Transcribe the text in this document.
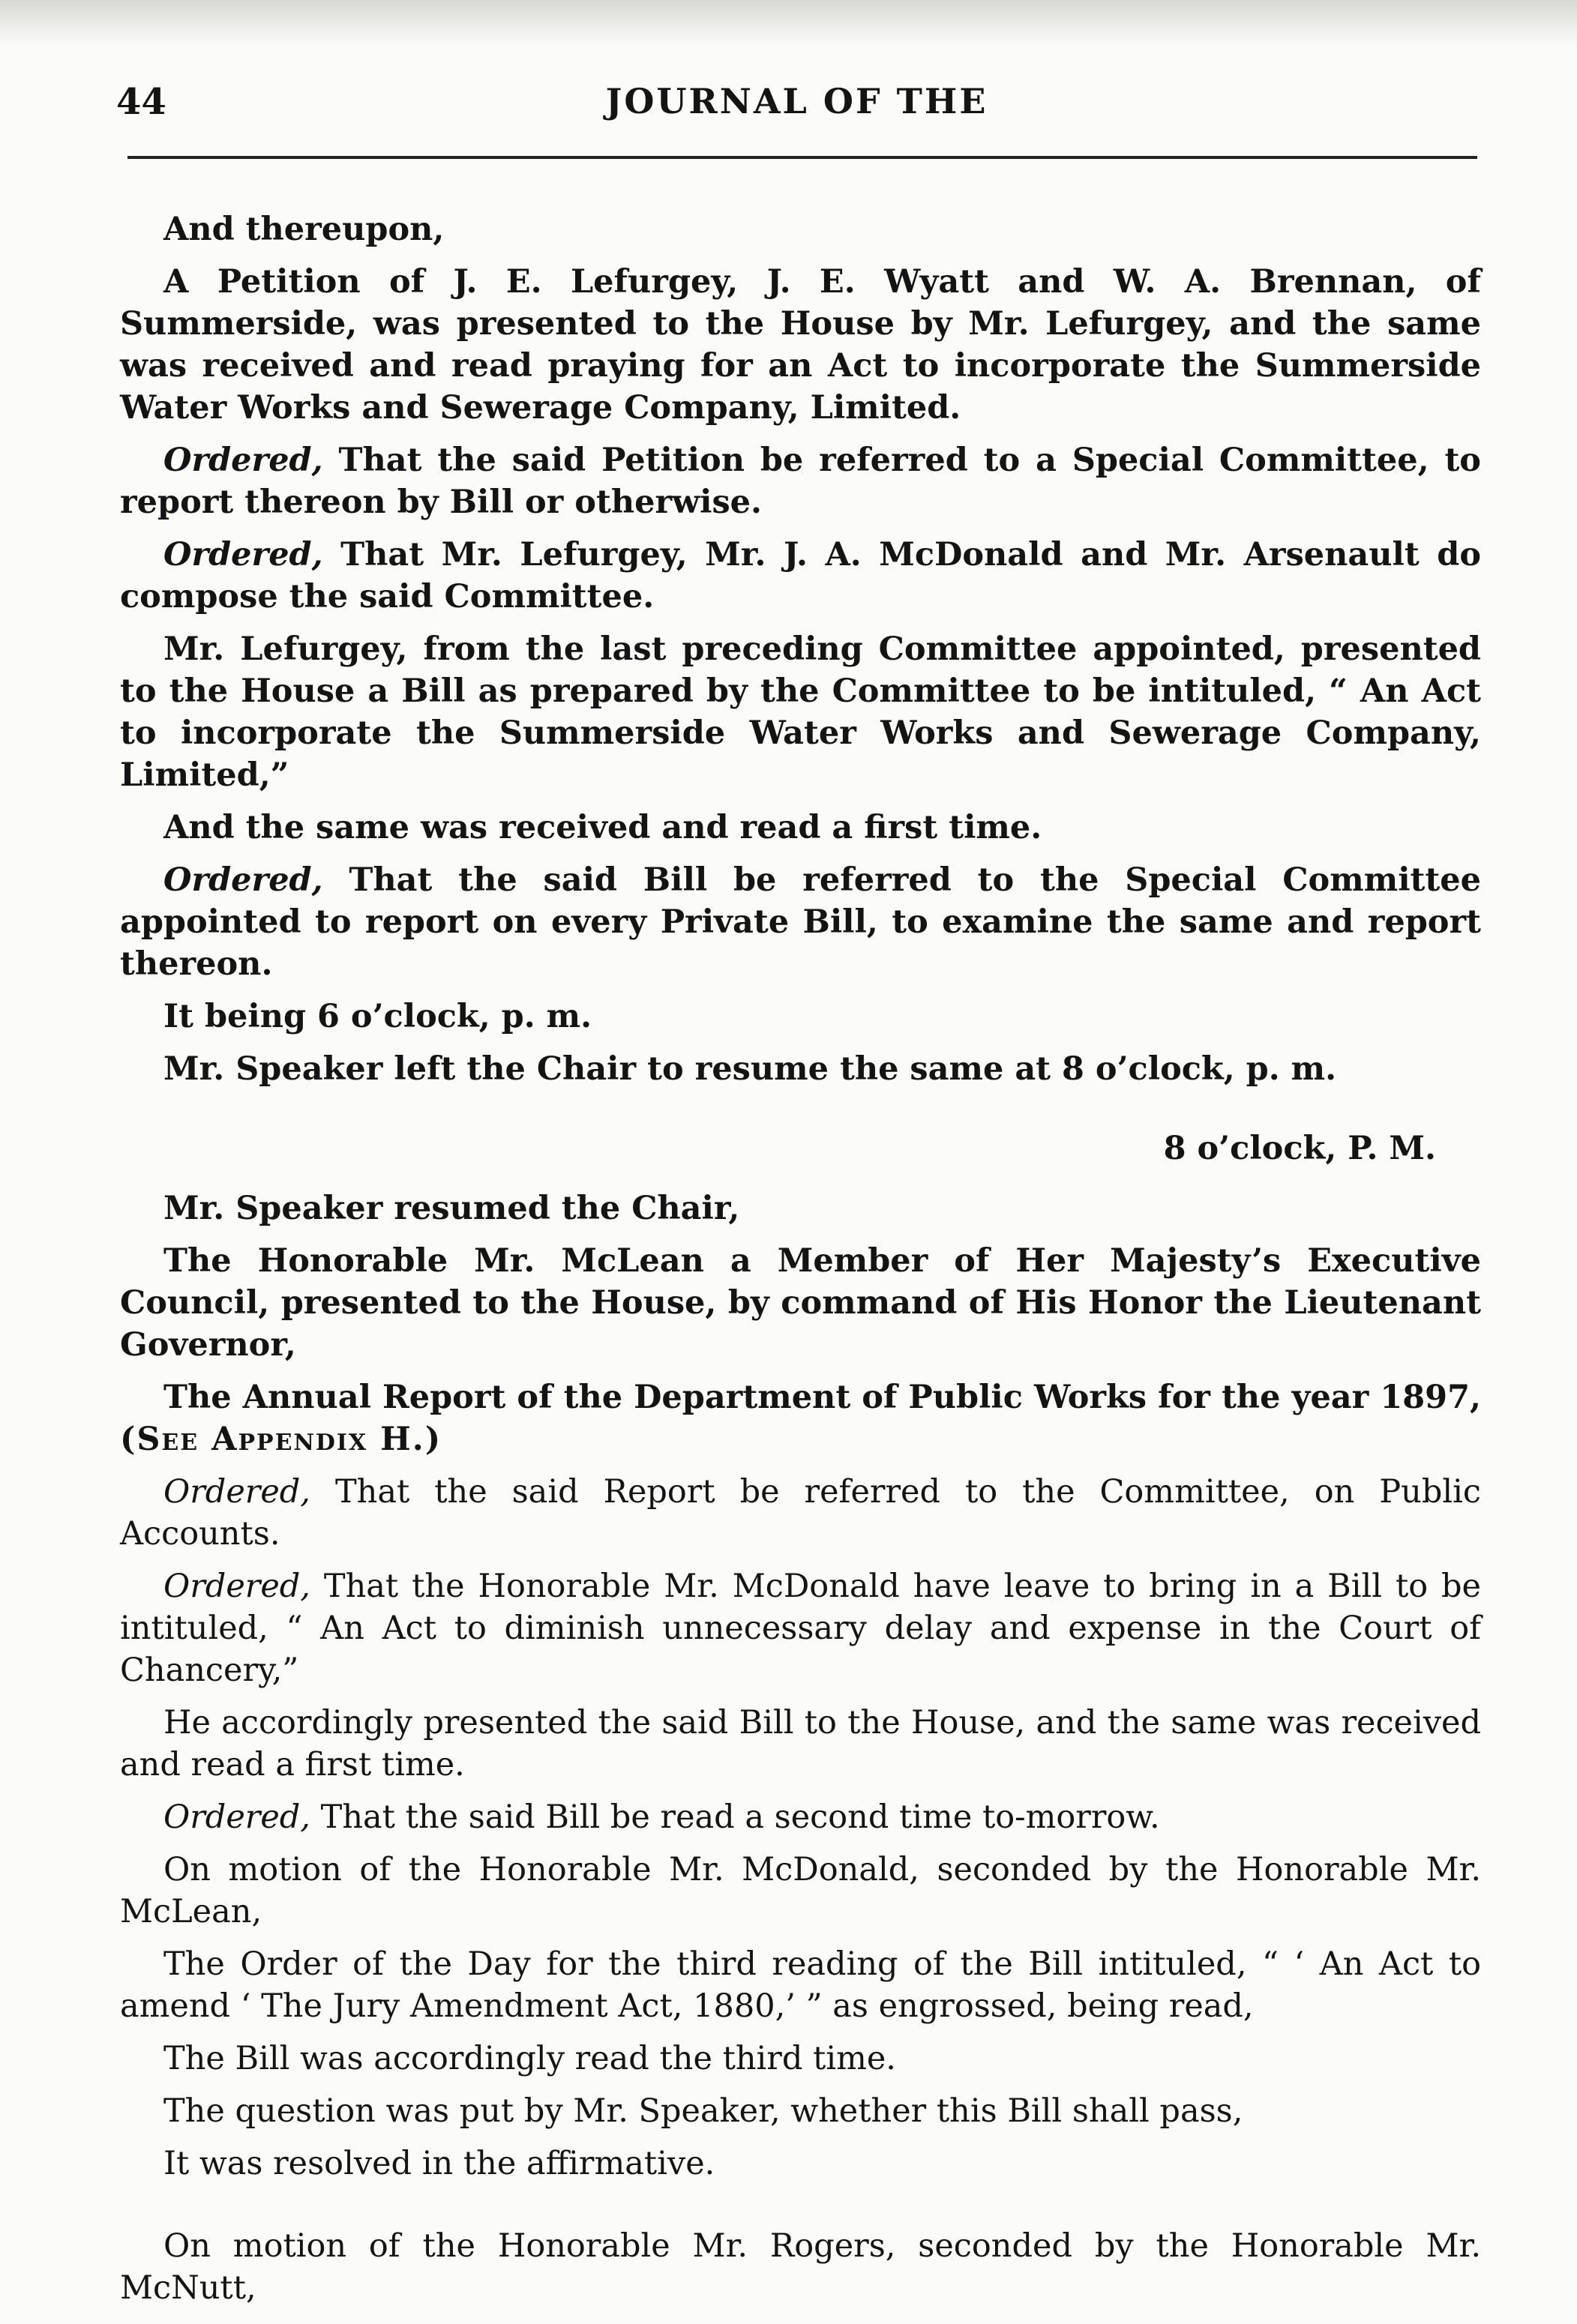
44	JOURNAL OF THE

And thereupon,

A Petition of J. E. Lefurgey, J. E. Wyatt and W. A. Brennan, of Summerside, was presented to the House by Mr. Lefurgey, and the same was received and read praying for an Act to incorporate the Summerside Water Works and Sewerage Company, Limited.

Ordered, That the said Petition be referred to a Special Committee, to report thereon by Bill or otherwise.

Ordered, That Mr. Lefurgey, Mr. J. A. McDonald and Mr. Arsenault do compose the said Committee.

Mr. Lefurgey, from the last preceding Committee appointed, presented to the House a Bill as prepared by the Committee to be intituled, “ An Act to incorporate the Summerside Water Works and Sewerage Company, Limited,”

And the same was received and read a first time.

Ordered, That the said Bill be referred to the Special Committee appointed to report on every Private Bill, to examine the same and report thereon.

It being 6 o’clock, p. m.

Mr. Speaker left the Chair to resume the same at 8 o’clock, p. m.

8 o’clock, P. M.

Mr. Speaker resumed the Chair,

The Honorable Mr. McLean a Member of Her Majesty’s Executive Council, presented to the House, by command of His Honor the Lieutenant Governor,

The Annual Report of the Department of Public Works for the year 1897, (See Appendix H.)

Ordered, That the said Report be referred to the Committee, on Public Accounts.

Ordered, That the Honorable Mr. McDonald have leave to bring in a Bill to be intituled, “ An Act to diminish unnecessary delay and expense in the Court of Chancery,”

He accordingly presented the said Bill to the House, and the same was received and read a first time.

Ordered, That the said Bill be read a second time to-morrow.

On motion of the Honorable Mr. McDonald, seconded by the Honorable Mr. McLean,

The Order of the Day for the third reading of the Bill intituled, “ ‘ An Act to amend ‘ The Jury Amendment Act, 1880,’ ” as engrossed, being read,

The Bill was accordingly read the third time.

The question was put by Mr. Speaker, whether this Bill shall pass,

It was resolved in the affirmative.

On motion of the Honorable Mr. Rogers, seconded by the Honorable Mr. McNutt,
